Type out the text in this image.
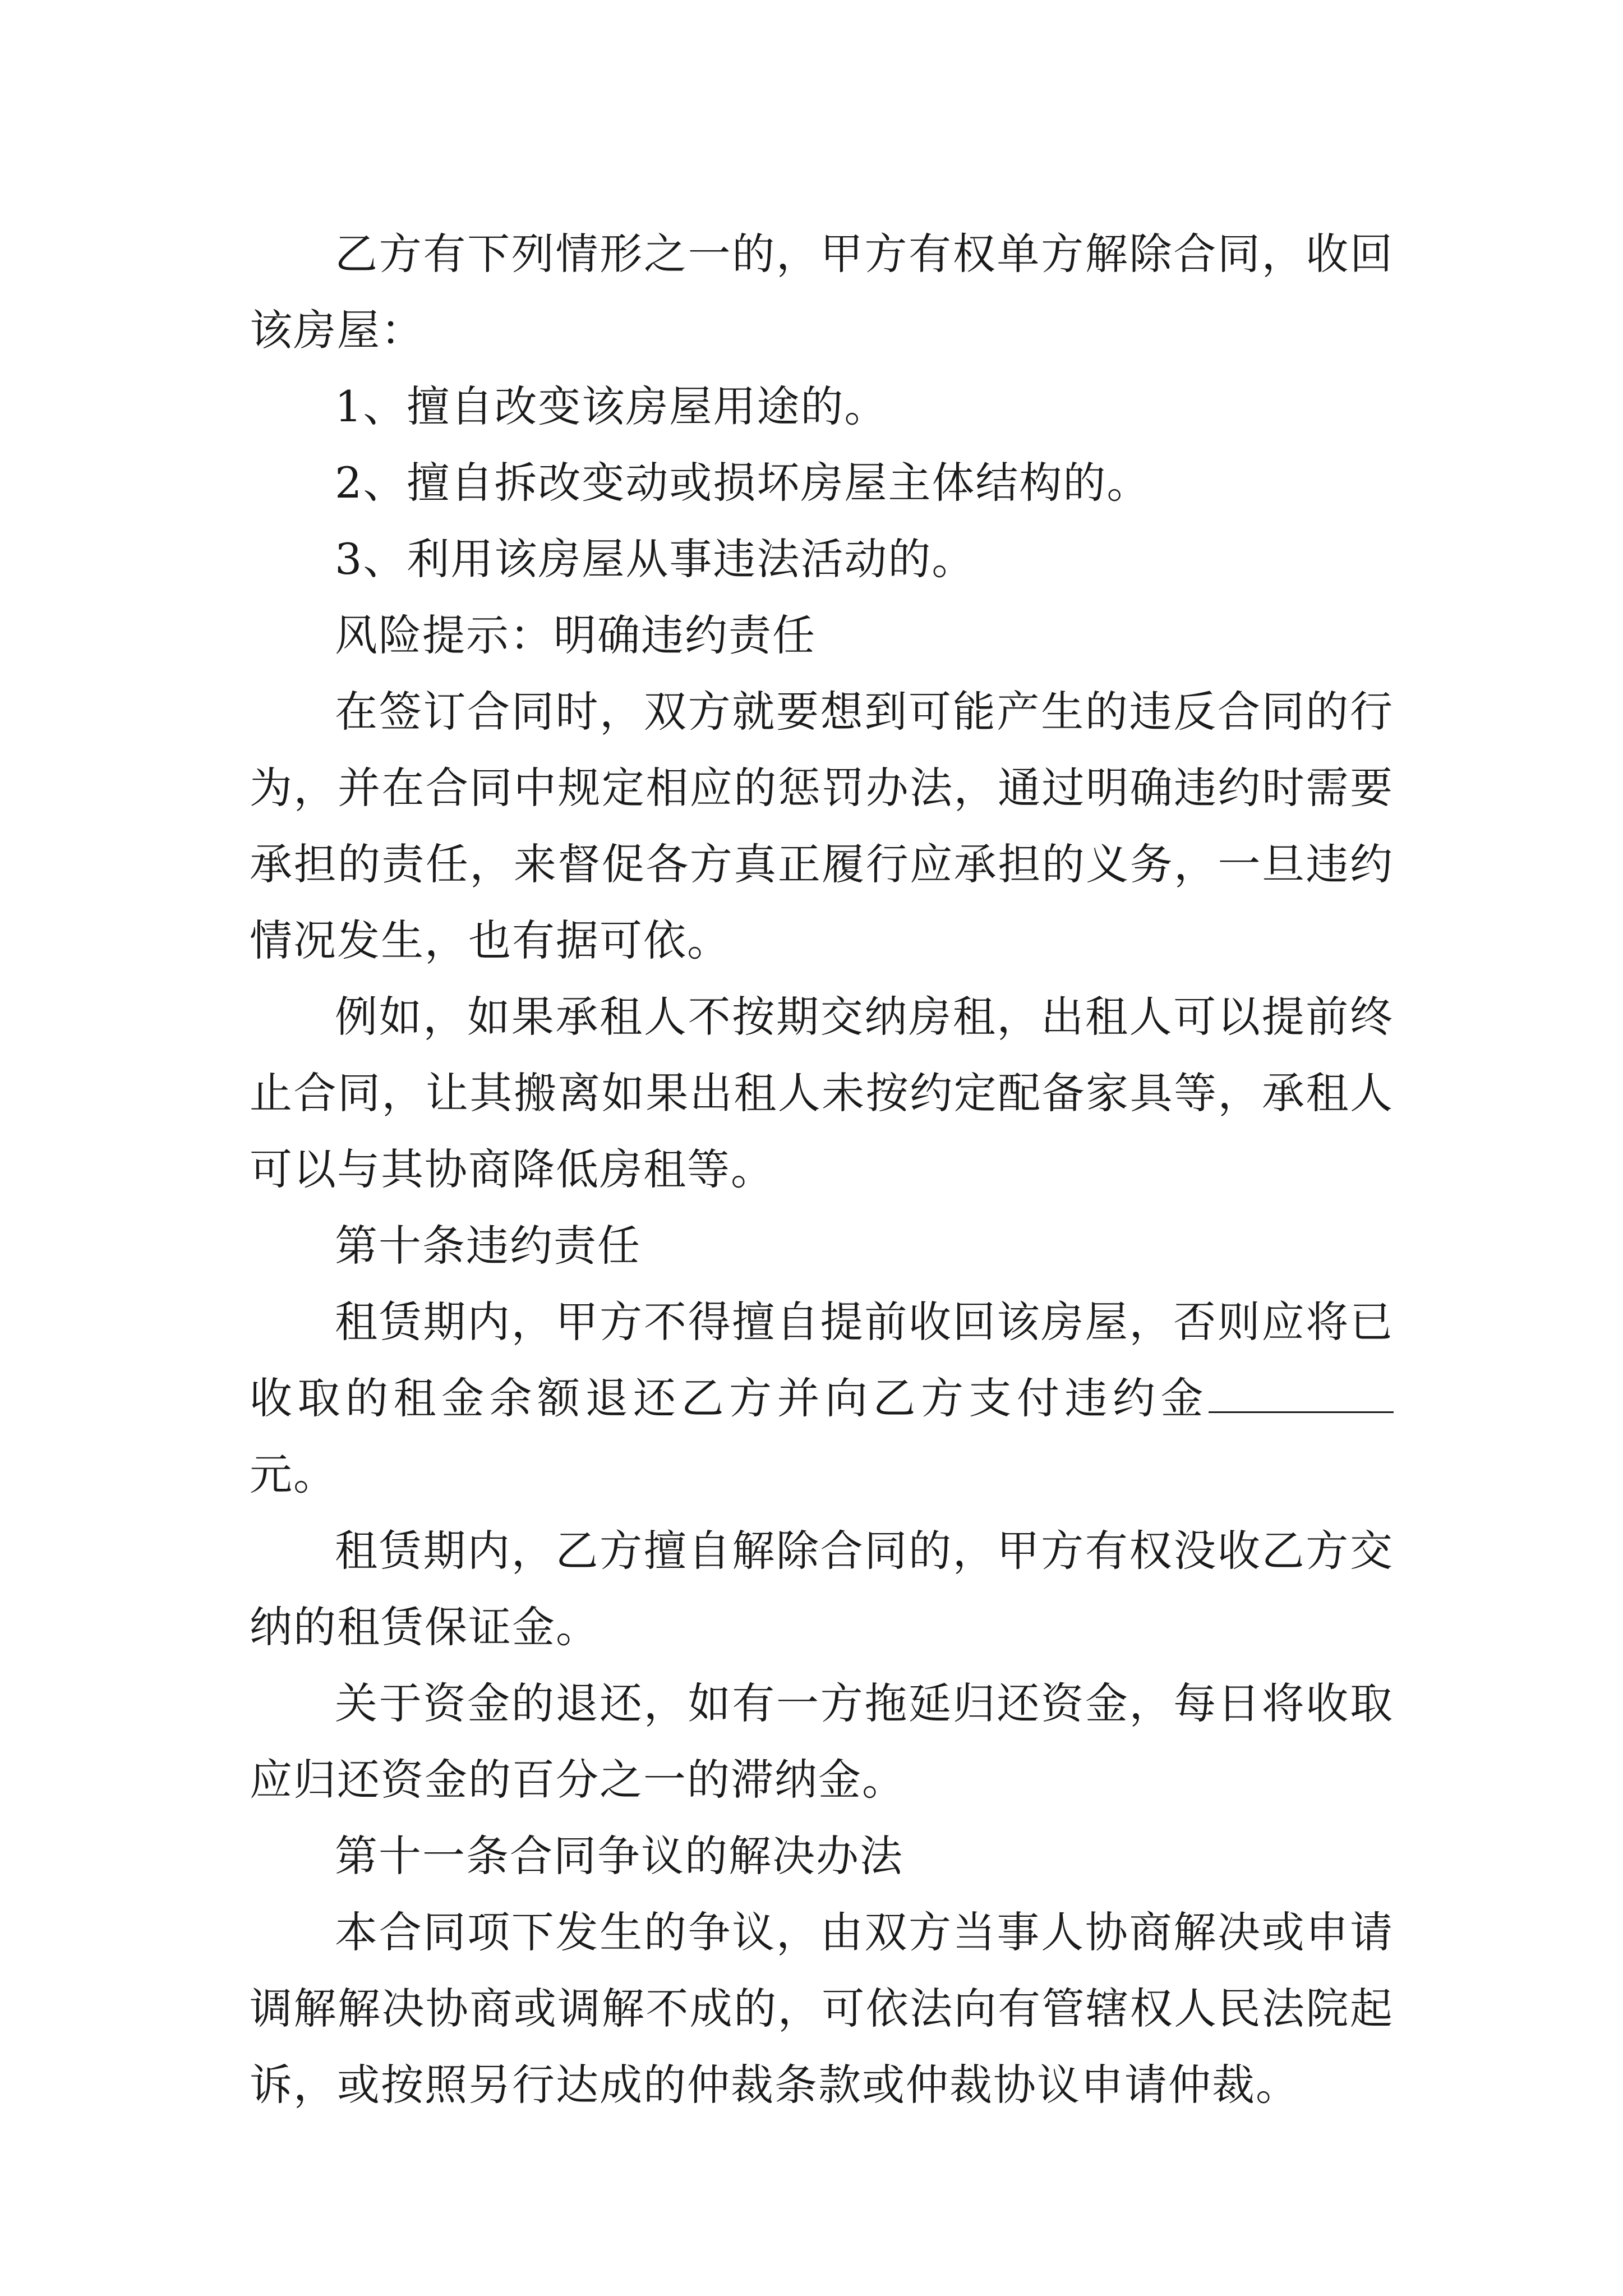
乙方有下列情形之一的，甲方有权单方解除合同，收回该房屋：

1、擅自改变该房屋用途的。

2、擅自拆改变动或损坏房屋主体结构的。

3、利用该房屋从事违法活动的。

风险提示：明确违约责任

在签订合同时，双方就要想到可能产生的违反合同的行为，并在合同中规定相应的惩罚办法，通过明确违约时需要承担的责任，来督促各方真正履行应承担的义务，一旦违约情况发生，也有据可依。

例如，如果承租人不按期交纳房租，出租人可以提前终止合同，让其搬离如果出租人未按约定配备家具等，承租人可以与其协商降低房租等。

第十条违约责任

租赁期内，甲方不得擅自提前收回该房屋，否则应将已收取的租金余额退还乙方并向乙方支付违约金元。

租赁期内，乙方擅自解除合同的，甲方有权没收乙方交纳的租赁保证金。

关于资金的退还，如有一方拖延归还资金，每日将收取应归还资金的百分之一的滞纳金。

第十一条合同争议的解决办法

本合同项下发生的争议，由双方当事人协商解决或申请调解解决协商或调解不成的，可依法向有管辖权人民法院起诉，或按照另行达成的仲裁条款或仲裁协议申请仲裁。
